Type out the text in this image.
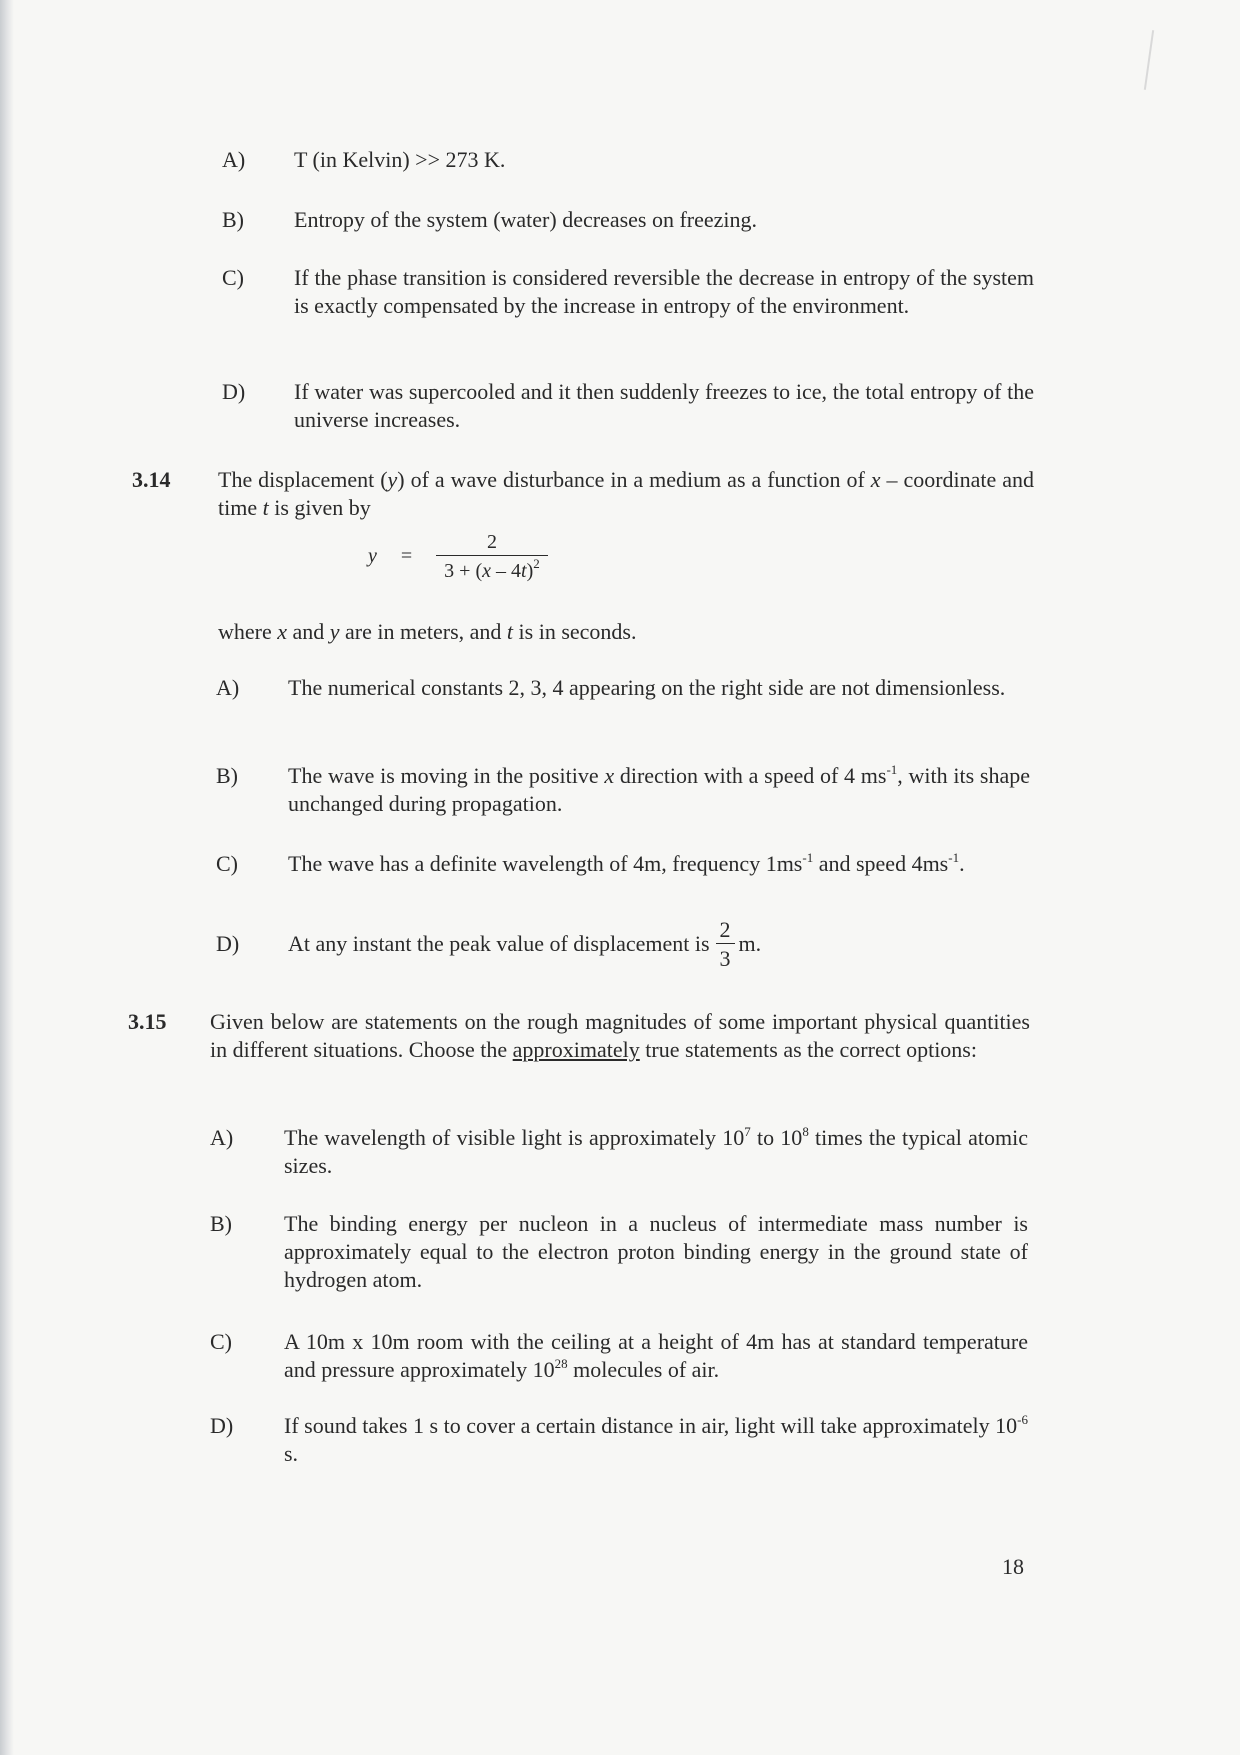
A) T (in Kelvin) >> 273 K.

B) Entropy of the system (water) decreases on freezing.

C) If the phase transition is considered reversible the decrease in entropy of the system is exactly compensated by the increase in entropy of the environment.

D) If water was supercooled and it then suddenly freezes to ice, the total entropy of the universe increases.

3.14 The displacement (y) of a wave disturbance in a medium as a function of x – coordinate and time t is given by

$y = \frac{2}{3 + (x - 4t)^2}$

where x and y are in meters, and t is in seconds.

A) The numerical constants 2, 3, 4 appearing on the right side are not dimensionless.

B) The wave is moving in the positive x direction with a speed of 4 $ms^{-1}$, with its shape unchanged during propagation.

C) The wave has a definite wavelength of 4m, frequency $1ms^{-1}$ and speed $4ms^{-1}$.

D) At any instant the peak value of displacement is $\frac{2}{3} m$.
3.15 Given below are statements on the rough magnitudes of some important physical quantities in different situations. Choose the approximately true statements as the correct options:

A) The wavelength of visible light is approximately $10^7$ to $10^8$ times the typical atomic sizes.

B) The binding energy per nucleon in a nucleus of intermediate mass number is approximately equal to the electron proton binding energy in the ground state of hydrogen atom.

C) A 10m x 10m room with the ceiling at a height of 4m has at standard temperature and pressure approximately $10^{28}$ molecules of air.

D) If sound takes 1 s to cover a certain distance in air, light will take approximately $10^{-6}$ s.

18
